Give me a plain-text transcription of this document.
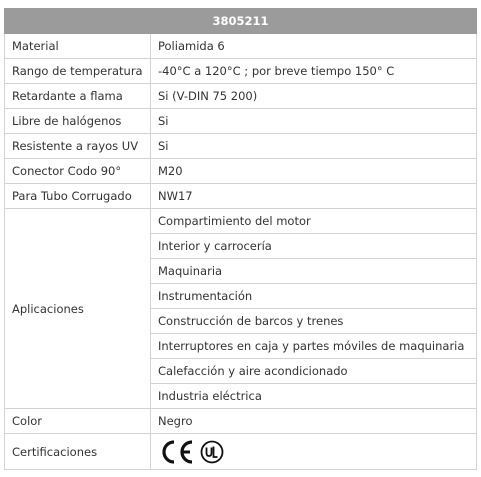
3805211	
Material	Poliamida 6
Rango de temperatura	-40°C a 120°C ; por breve tiempo 150° C
Retardante a flama	Si (V-DIN 75 200)
Libre de halógenos	Si
Resistente a rayos UV	Si
Conector Codo 90°	M20
Para Tubo Corrugado	NW17
Aplicaciones	Compartimiento del motor
	Interior y carrocería
	Maquinaria
	Instrumentación
	Construcción de barcos y trenes
	Interruptores en caja y partes móviles de maquinaria
	Calefacción y aire acondicionado
	Industria eléctrica
Color	Negro
Certificaciones	
